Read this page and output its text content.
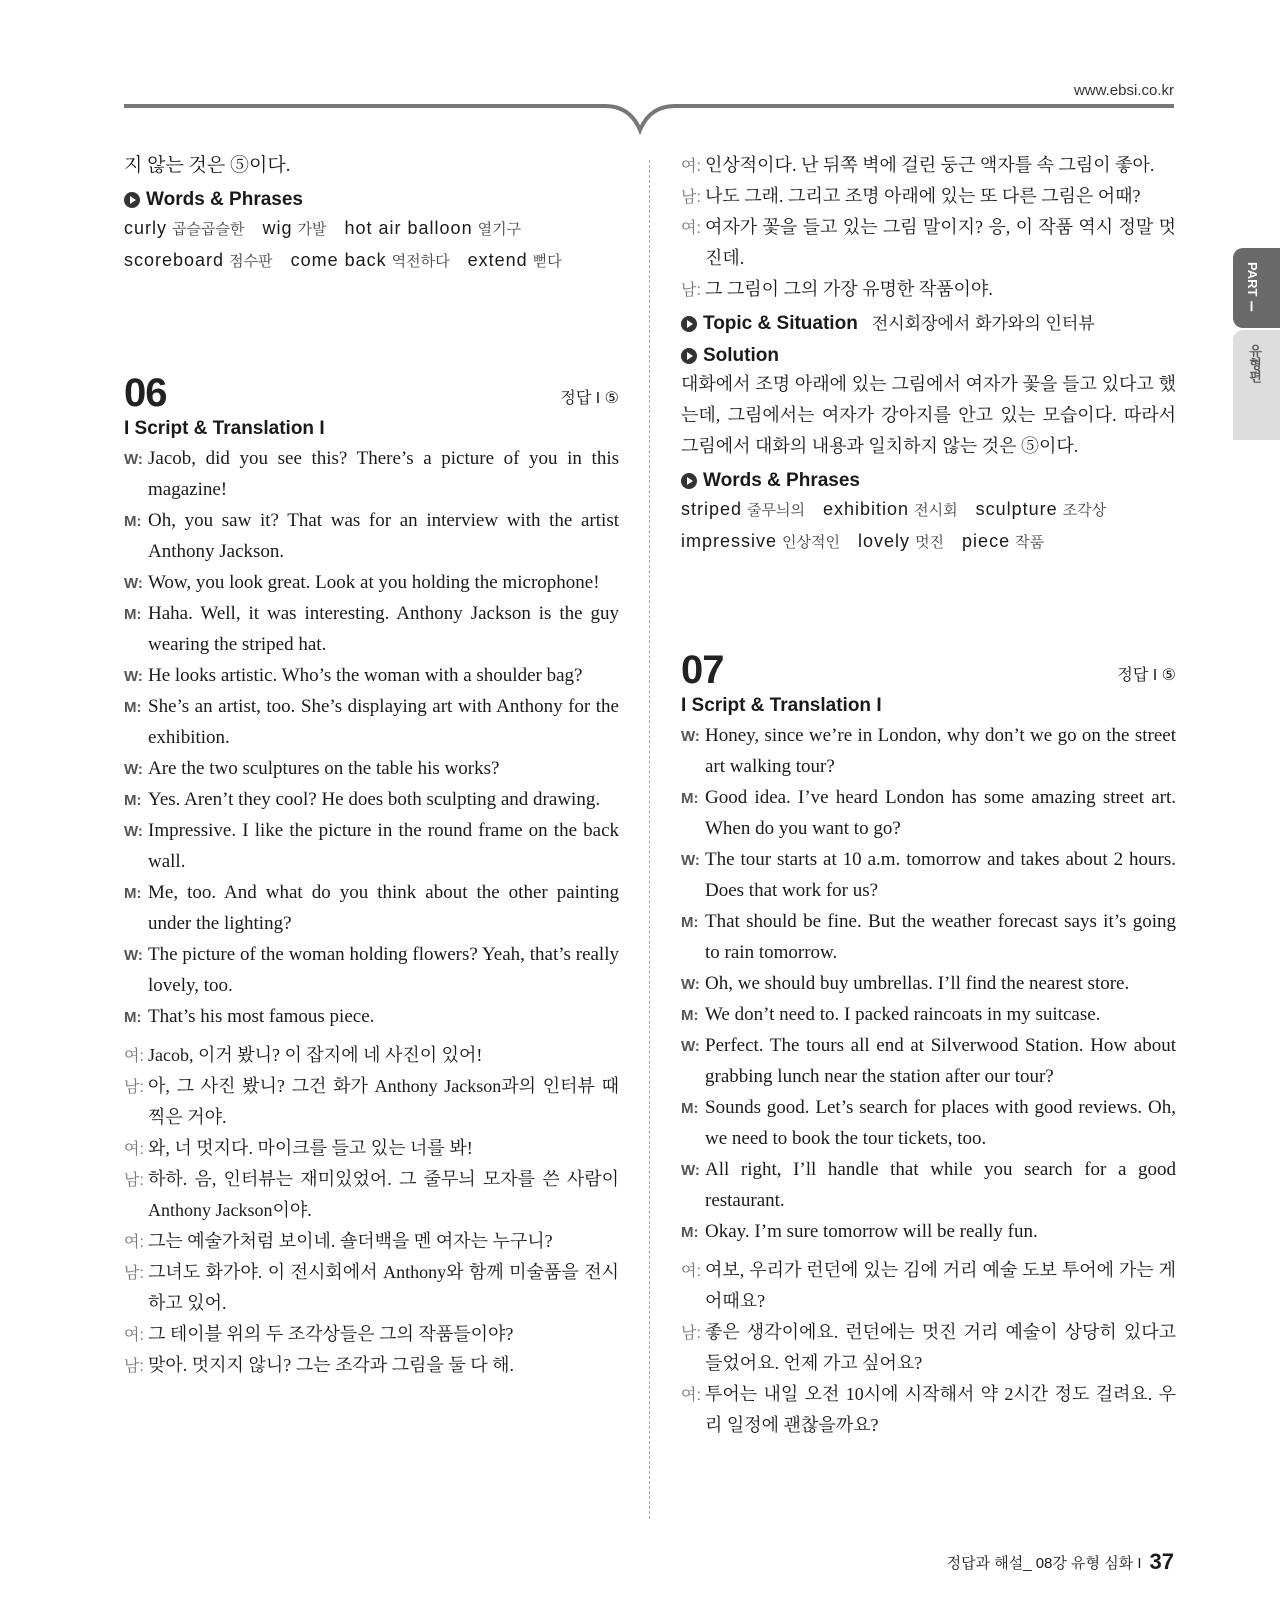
www.ebsi.co.kr
PART Ⅰ
유형편
지 않는 것은 ⑤이다.
Words & Phrases
curly 곱슬곱슬한 wig 가발 hot air balloon 열기구
scoreboard 점수판 come back 역전하다 extend 뻗다
06	정답 I ⑤
I Script & Translation I
W: Jacob, did you see this? There’s a picture of you in this magazine!
M: Oh, you saw it? That was for an interview with the artist Anthony Jackson.
W: Wow, you look great. Look at you holding the microphone!
M: Haha. Well, it was interesting. Anthony Jackson is the guy wearing the striped hat.
W: He looks artistic. Who’s the woman with a shoulder bag?
M: She’s an artist, too. She’s displaying art with Anthony for the exhibition.
W: Are the two sculptures on the table his works?
M: Yes. Aren’t they cool? He does both sculpting and drawing.
W: Impressive. I like the picture in the round frame on the back wall.
M: Me, too. And what do you think about the other painting under the lighting?
W: The picture of the woman holding flowers? Yeah, that’s really lovely, too.
M: That’s his most famous piece.
여: Jacob, 이거 봤니? 이 잡지에 네 사진이 있어!
남: 아, 그 사진 봤니? 그건 화가 Anthony Jackson과의 인터뷰 때 찍은 거야.
여: 와, 너 멋지다. 마이크를 들고 있는 너를 봐!
남: 하하. 음, 인터뷰는 재미있었어. 그 줄무늬 모자를 쓴 사람이 Anthony Jackson이야.
여: 그는 예술가처럼 보이네. 숄더백을 멘 여자는 누구니?
남: 그녀도 화가야. 이 전시회에서 Anthony와 함께 미술품을 전시하고 있어.
여: 그 테이블 위의 두 조각상들은 그의 작품들이야?
남: 맞아. 멋지지 않니? 그는 조각과 그림을 둘 다 해.
여: 인상적이다. 난 뒤쪽 벽에 걸린 둥근 액자틀 속 그림이 좋아.
남: 나도 그래. 그리고 조명 아래에 있는 또 다른 그림은 어때?
여: 여자가 꽃을 들고 있는 그림 말이지? 응, 이 작품 역시 정말 멋진데.
남: 그 그림이 그의 가장 유명한 작품이야.
Topic & Situation 전시회장에서 화가와의 인터뷰
Solution
대화에서 조명 아래에 있는 그림에서 여자가 꽃을 들고 있다고 했는데, 그림에서는 여자가 강아지를 안고 있는 모습이다. 따라서 그림에서 대화의 내용과 일치하지 않는 것은 ⑤이다.
Words & Phrases
striped 줄무늬의 exhibition 전시회 sculpture 조각상
impressive 인상적인 lovely 멋진 piece 작품
07	정답 I ⑤
I Script & Translation I
W: Honey, since we’re in London, why don’t we go on the street art walking tour?
M: Good idea. I’ve heard London has some amazing street art. When do you want to go?
W: The tour starts at 10 a.m. tomorrow and takes about 2 hours. Does that work for us?
M: That should be fine. But the weather forecast says it’s going to rain tomorrow.
W: Oh, we should buy umbrellas. I’ll find the nearest store.
M: We don’t need to. I packed raincoats in my suitcase.
W: Perfect. The tours all end at Silverwood Station. How about grabbing lunch near the station after our tour?
M: Sounds good. Let’s search for places with good reviews. Oh, we need to book the tour tickets, too.
W: All right, I’ll handle that while you search for a good restaurant.
M: Okay. I’m sure tomorrow will be really fun.
여: 여보, 우리가 런던에 있는 김에 거리 예술 도보 투어에 가는 게 어때요?
남: 좋은 생각이에요. 런던에는 멋진 거리 예술이 상당히 있다고 들었어요. 언제 가고 싶어요?
여: 투어는 내일 오전 10시에 시작해서 약 2시간 정도 걸려요. 우리 일정에 괜찮을까요?
정답과 해설_ 08강 유형 심화 I 37
